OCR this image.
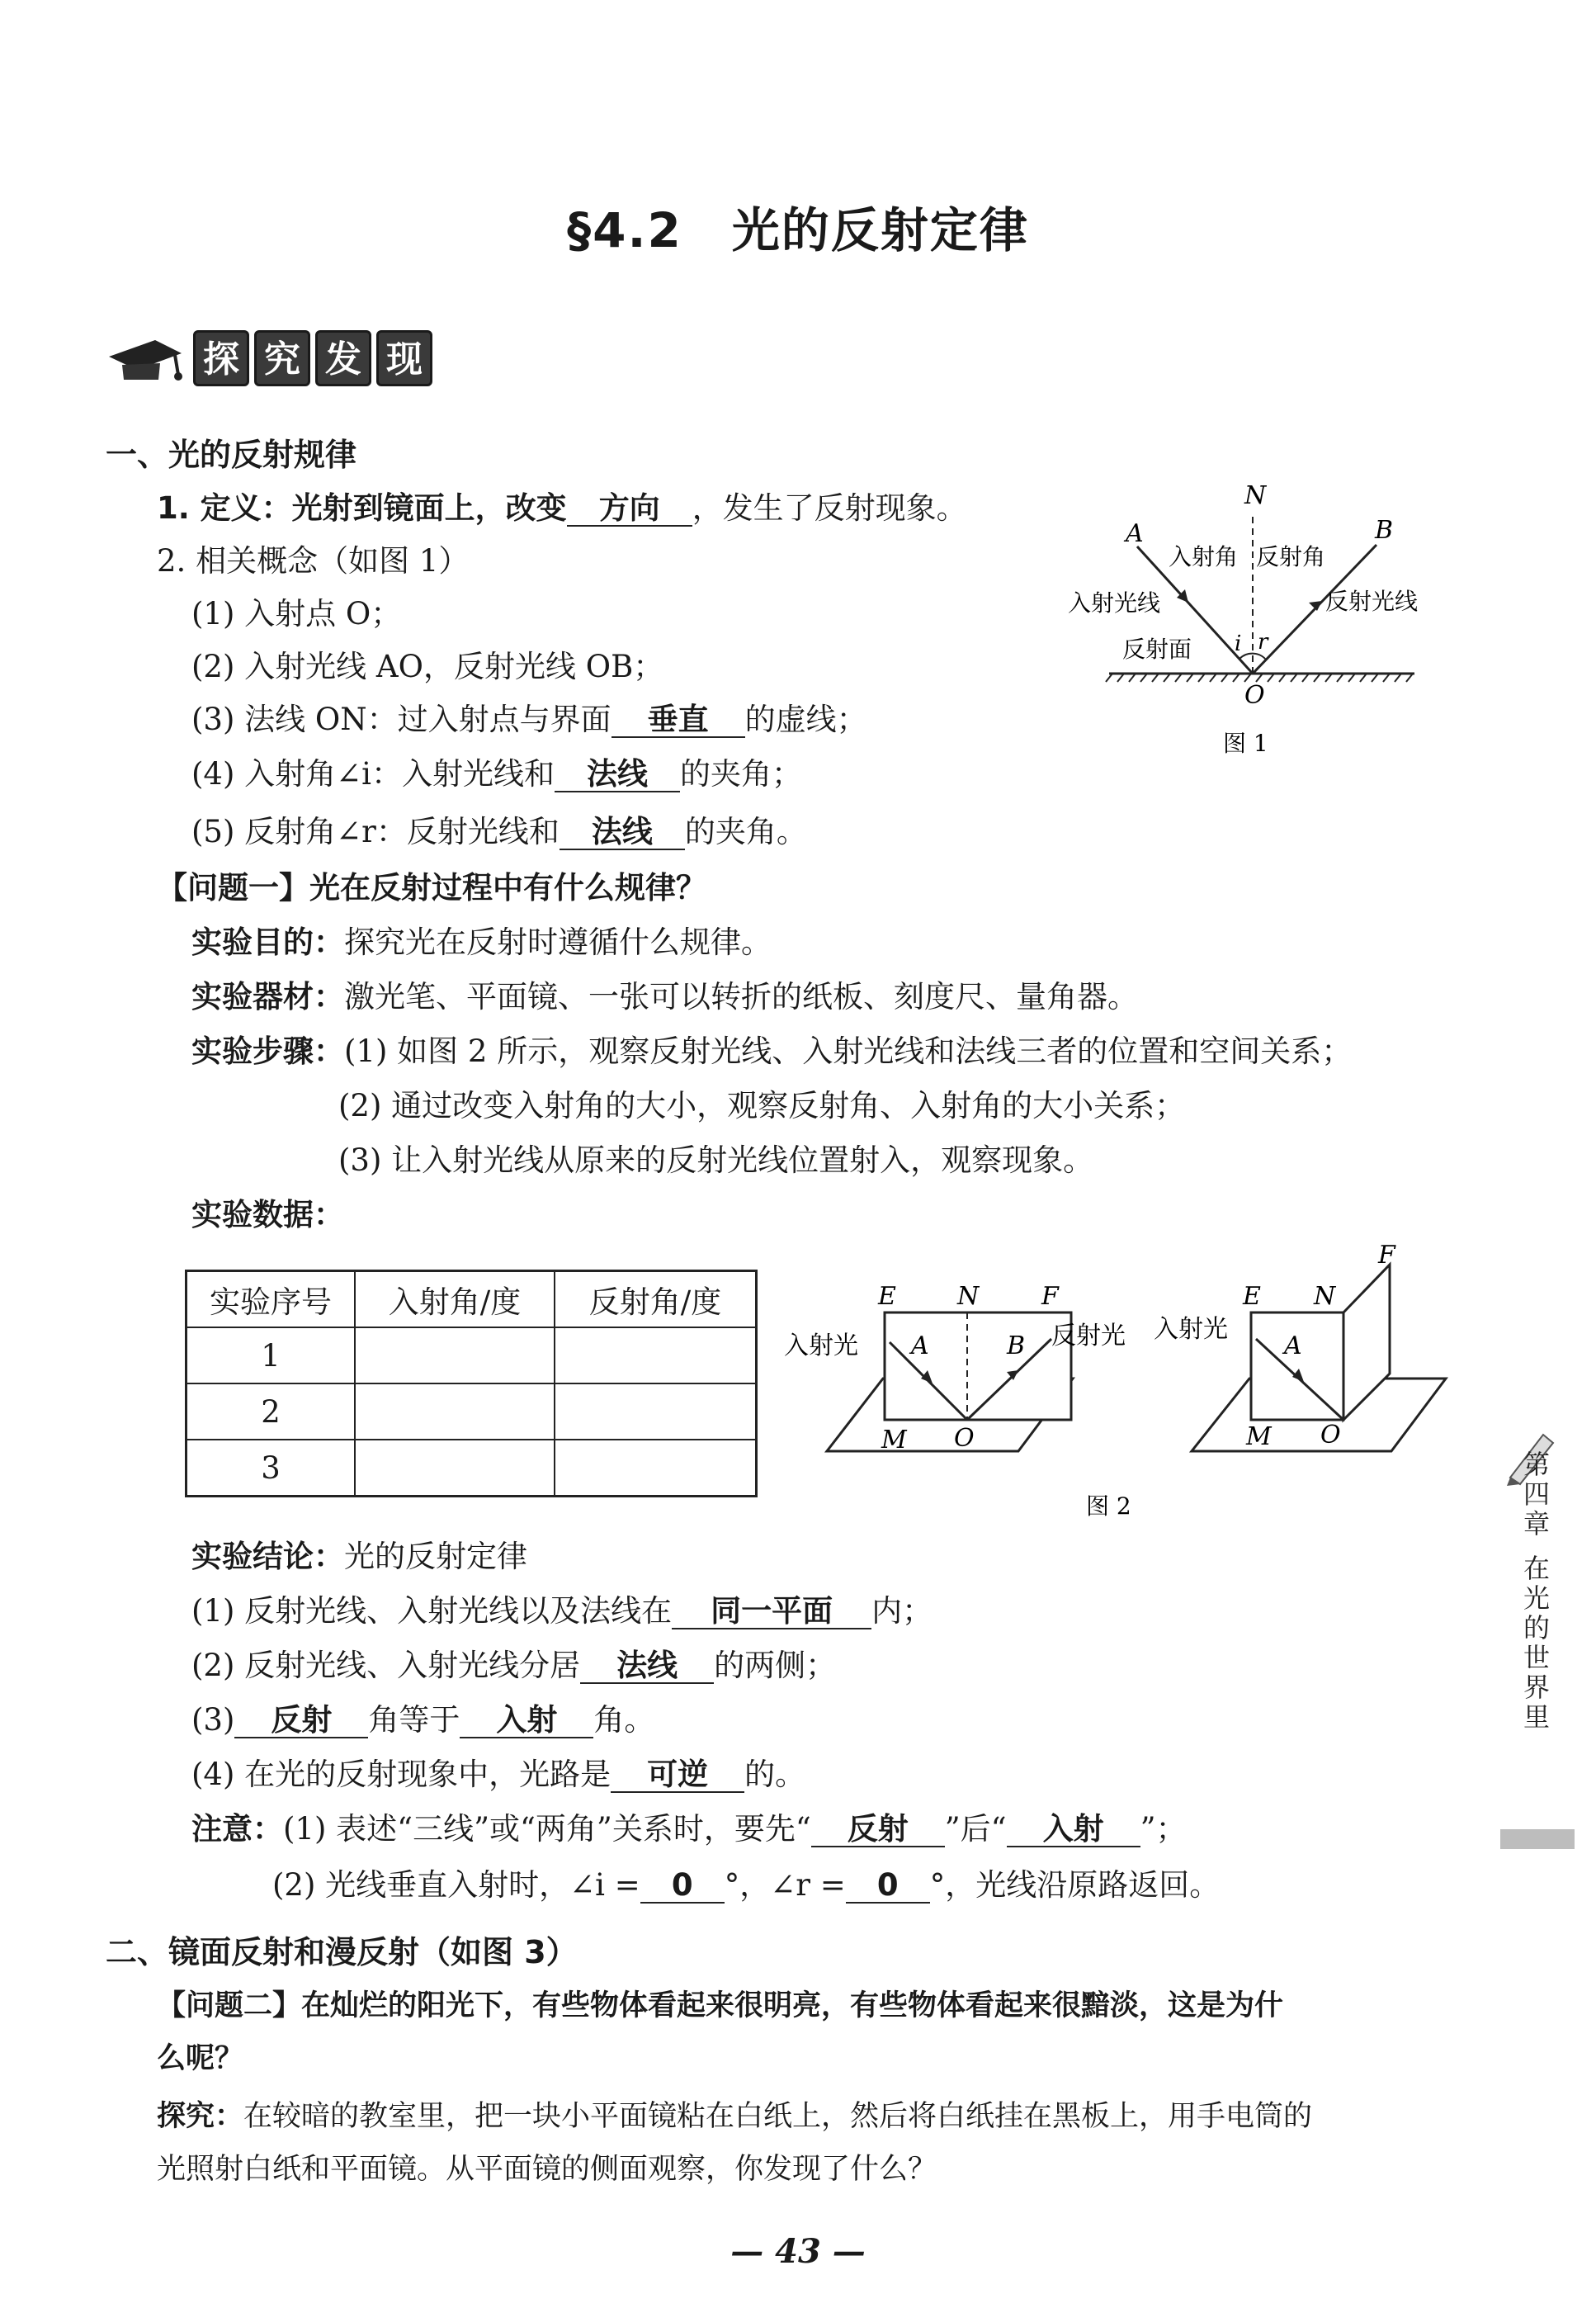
§4.2 光的反射定律
探 究 发 现
一、光的反射规律
1. 定义：光射到镜面上，改变 方向 ，发生了反射现象。
2. 相关概念（如图 1）
(1) 入射点 O；
(2) 入射光线 AO，反射光线 OB；
(3) 法线 ON：过入射点与界面 垂直 的虚线；
(4) 入射角∠i：入射光线和 法线 的夹角；
(5) 反射角∠r：反射光线和 法线 的夹角。
【问题一】光在反射过程中有什么规律？
实验目的：探究光在反射时遵循什么规律。
实验器材：激光笔、平面镜、一张可以转折的纸板、刻度尺、量角器。
实验步骤：(1) 如图 2 所示，观察反射光线、入射光线和法线三者的位置和空间关系；
(2) 通过改变入射角的大小，观察反射角、入射角的大小关系；
(3) 让入射光线从原来的反射光线位置射入，观察现象。
实验数据：
实验序号	入射角/度	反射角/度
1		
2		
3		
N
A	B
O
i r
入射角 反射角
入射光线	反射光线
反射面
图 1
E N	F
A	B
O
M
入射光	反射光
E N
F
A
O
M
入射光
图 2
实验结论：光的反射定律
(1) 反射光线、入射光线以及法线在 同一平面 内；
(2) 反射光线、入射光线分居 法线 的两侧；
(3) 反射 角等于 入射 角。
(4) 在光的反射现象中，光路是 可逆 的。
注意：(1) 表述“三线”或“两角”关系时，要先“ 反射 ”后“ 入射 ”；
(2) 光线垂直入射时，∠i = 0 °，∠r = 0 °，光线沿原路返回。
二、镜面反射和漫反射（如图 3）
【问题二】在灿烂的阳光下，有些物体看起来很明亮，有些物体看起来很黯淡，这是为什
么呢？
探究：在较暗的教室里，把一块小平面镜粘在白纸上，然后将白纸挂在黑板上，用手电筒的
光照射白纸和平面镜。从平面镜的侧面观察，你发现了什么？
第
四
章
在
光
的
世
界
里
— 43 —
